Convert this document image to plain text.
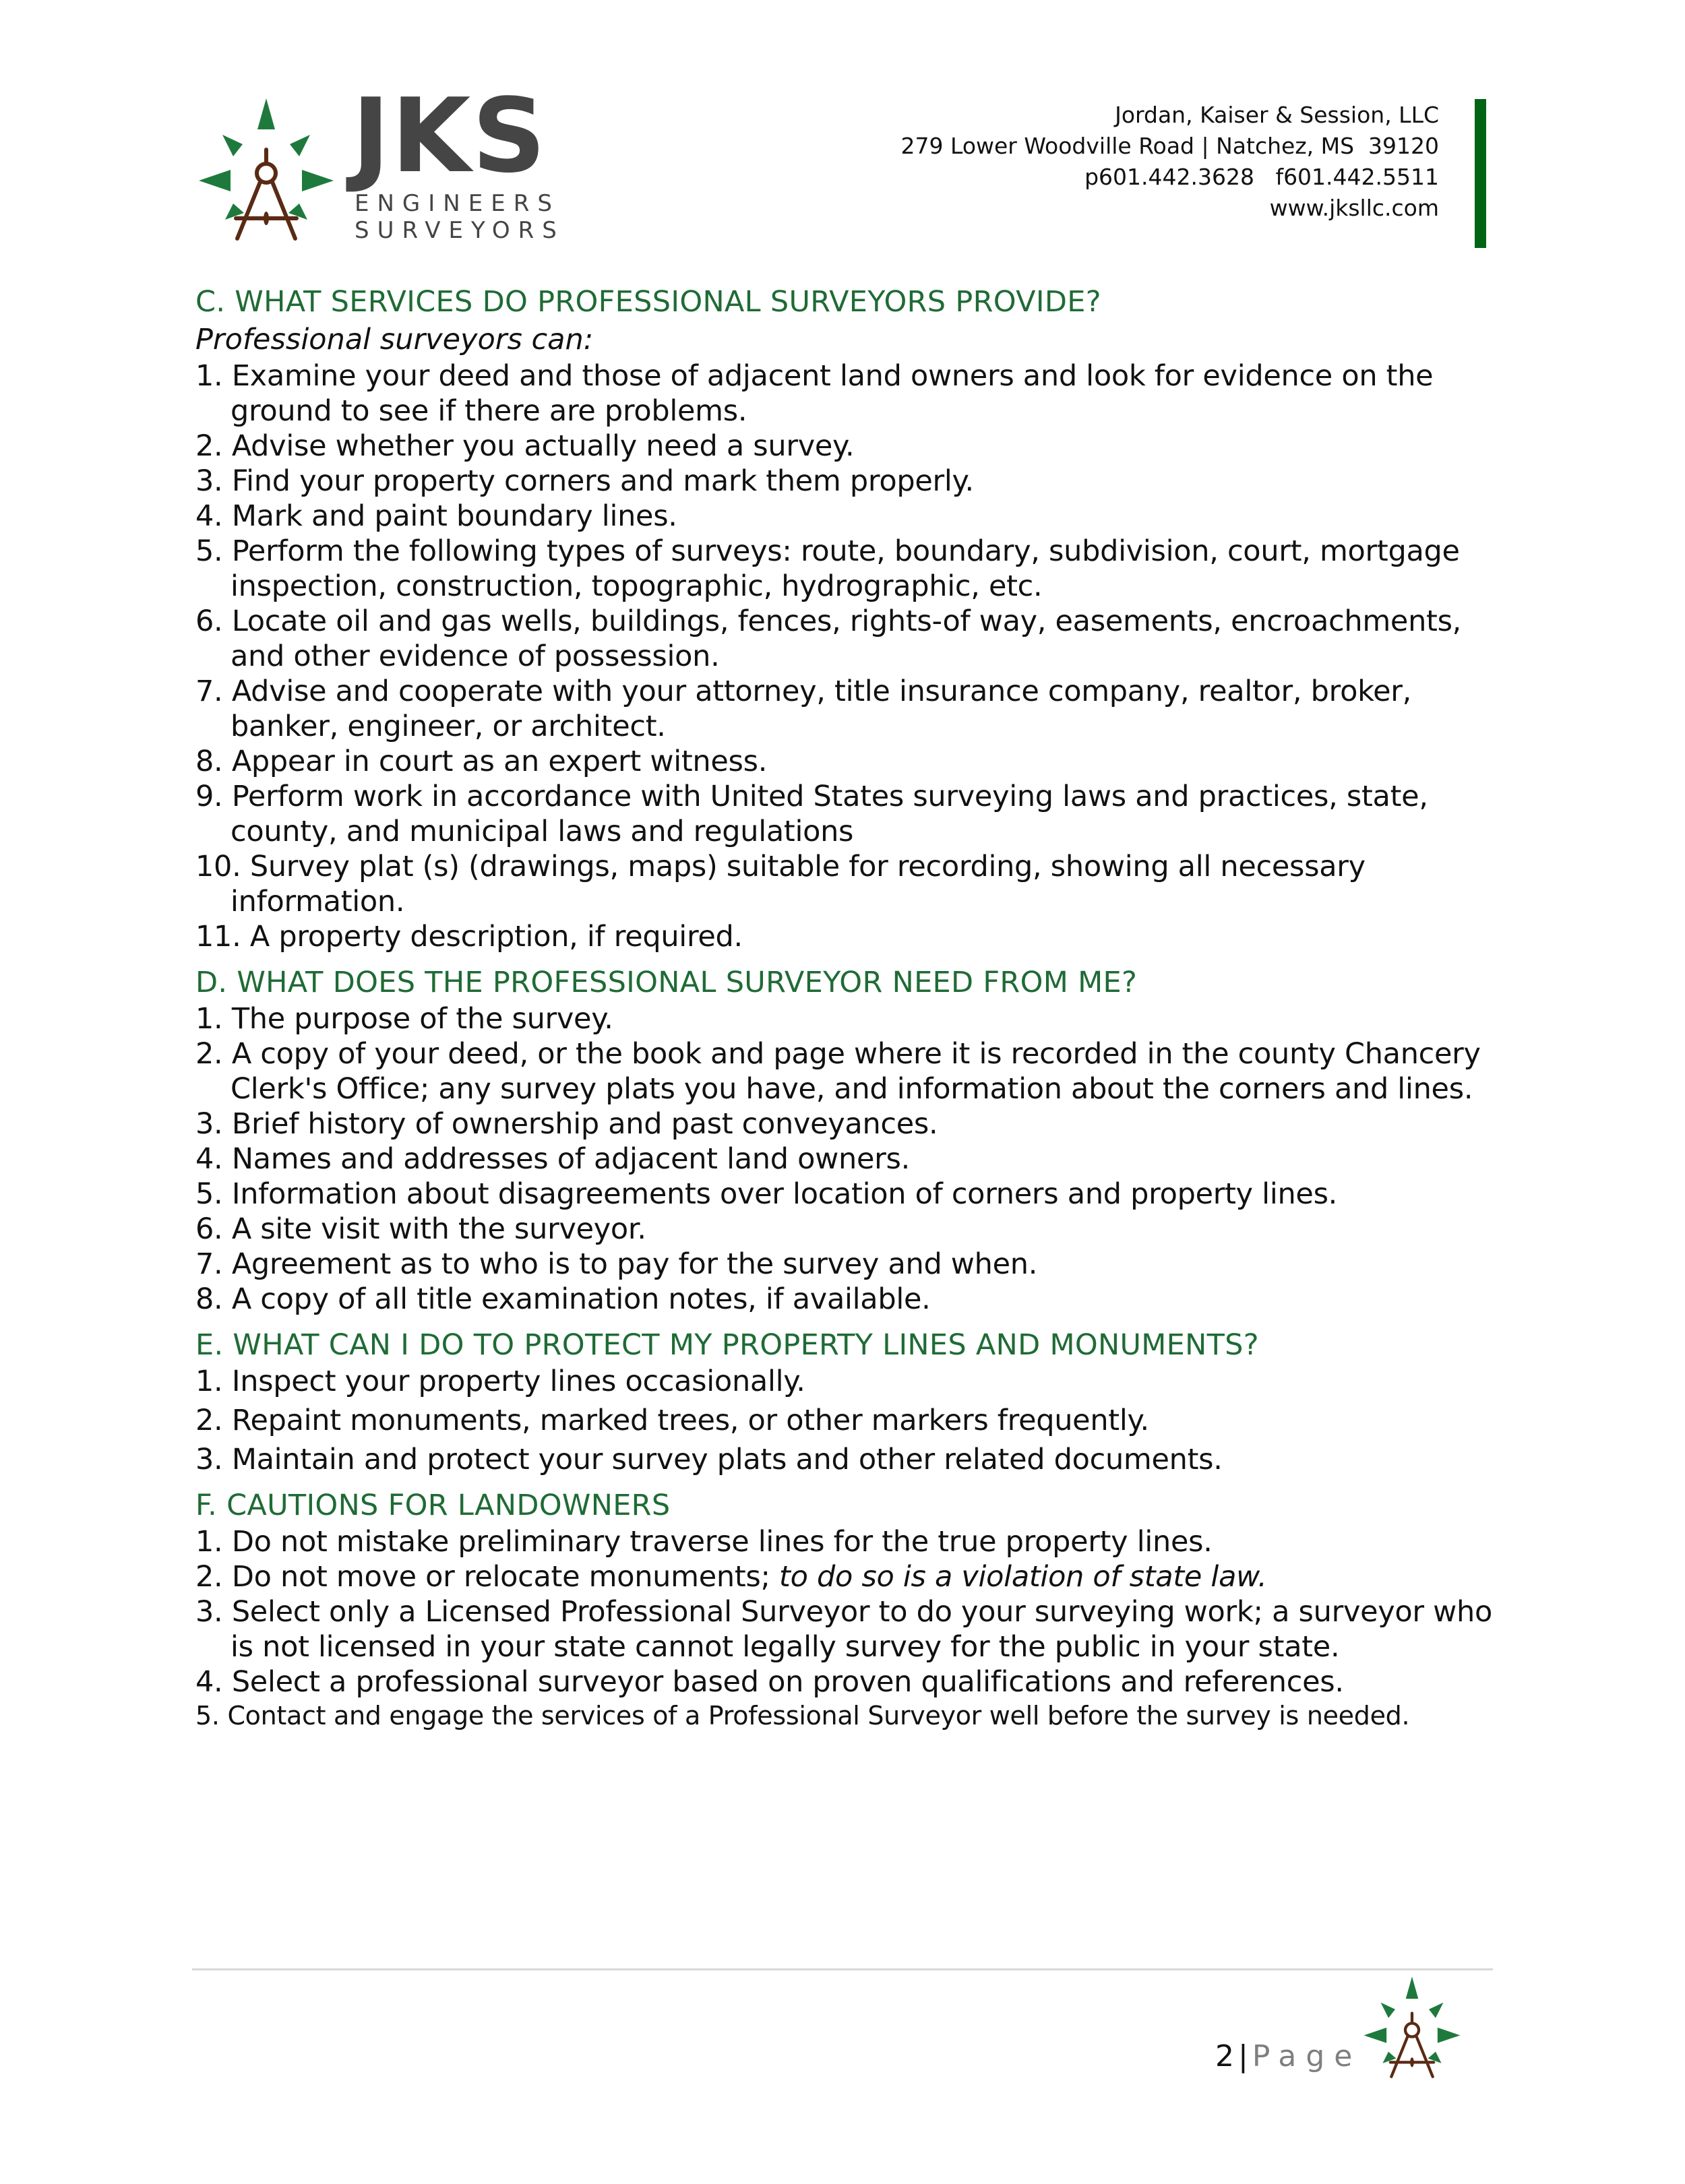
JKS
ENGINEERS
SURVEYORS
Jordan, Kaiser & Session, LLC
279 Lower Woodville Road | Natchez, MS  39120
p601.442.3628   f601.442.5511
www.jksllc.com
C. WHAT SERVICES DO PROFESSIONAL SURVEYORS PROVIDE?

Professional surveyors can:

1. Examine your deed and those of adjacent land owners and look for evidence on the ground to see if there are problems.
2. Advise whether you actually need a survey.
3. Find your property corners and mark them properly.
4. Mark and paint boundary lines.
5. Perform the following types of surveys: route, boundary, subdivision, court, mortgage inspection, construction, topographic, hydrographic, etc.
6. Locate oil and gas wells, buildings, fences, rights-of way, easements, encroachments, and other evidence of possession.
7. Advise and cooperate with your attorney, title insurance company, realtor, broker, banker, engineer, or architect.
8. Appear in court as an expert witness.
9. Perform work in accordance with United States surveying laws and practices, state, county, and municipal laws and regulations
10. Survey plat (s) (drawings, maps) suitable for recording, showing all necessary information.
11. A property description, if required.
D. WHAT DOES THE PROFESSIONAL SURVEYOR NEED FROM ME?
1. The purpose of the survey.
2. A copy of your deed, or the book and page where it is recorded in the county Chancery Clerk's Office; any survey plats you have, and information about the corners and lines.
3. Brief history of ownership and past conveyances.
4. Names and addresses of adjacent land owners.
5. Information about disagreements over location of corners and property lines.
6. A site visit with the surveyor.
7. Agreement as to who is to pay for the survey and when.
8. A copy of all title examination notes, if available.
E. WHAT CAN I DO TO PROTECT MY PROPERTY LINES AND MONUMENTS?
1. Inspect your property lines occasionally.
2. Repaint monuments, marked trees, or other markers frequently.
3. Maintain and protect your survey plats and other related documents.
F. CAUTIONS FOR LANDOWNERS
1. Do not mistake preliminary traverse lines for the true property lines.
2. Do not move or relocate monuments; to do so is a violation of state law.
3. Select only a Licensed Professional Surveyor to do your surveying work; a surveyor who is not licensed in your state cannot legally survey for the public in your state.
4. Select a professional surveyor based on proven qualifications and references.
5. Contact and engage the services of a Professional Surveyor well before the survey is needed.
2 | Page
